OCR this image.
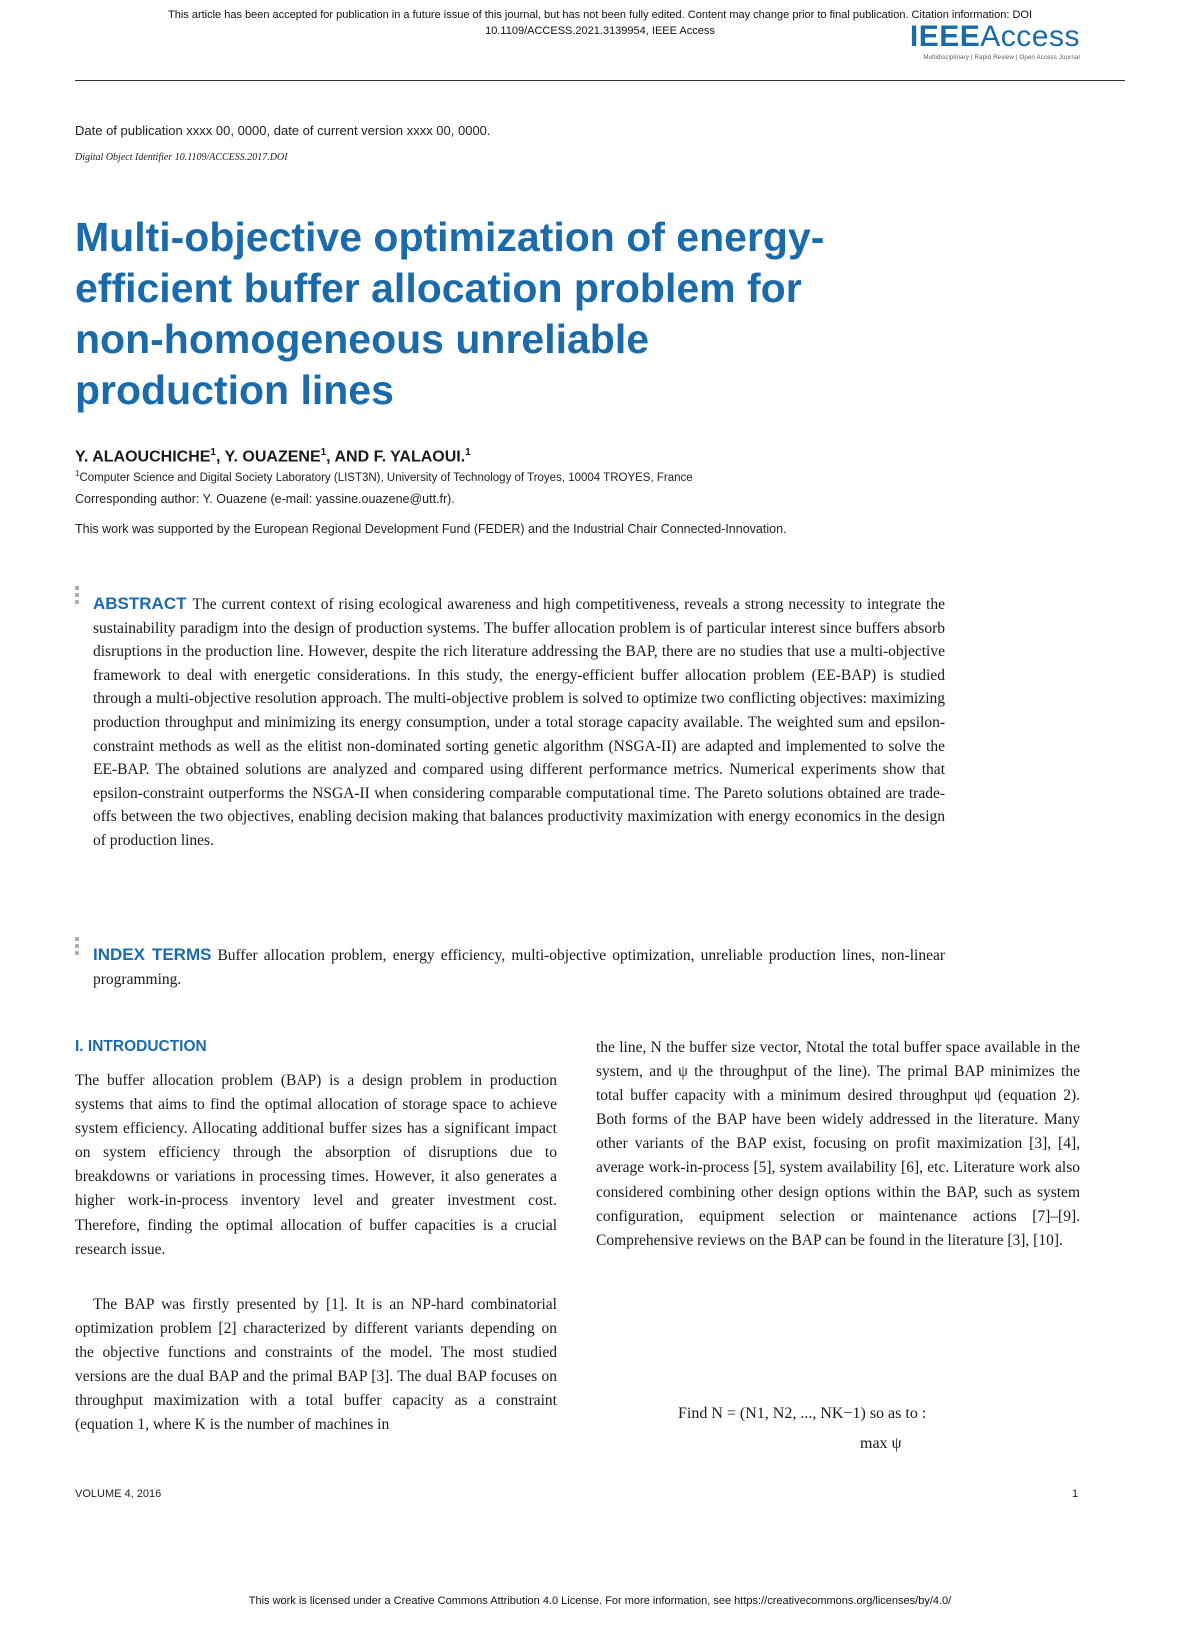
This article has been accepted for publication in a future issue of this journal, but has not been fully edited. Content may change prior to final publication. Citation information: DOI
10.1109/ACCESS.2021.3139954, IEEE Access	IEEEAccess
Multidisciplinary | Rapid Review | Open Access Journal
Date of publication xxxx 00, 0000, date of current version xxxx 00, 0000.
Digital Object Identifier 10.1109/ACCESS.2017.DOI
Multi-objective optimization of energy-efficient buffer allocation problem for non-homogeneous unreliable production lines
Y. ALAOUCHICHE$^1$, Y. OUAZENE$^1$, AND F. YALAOUI.$^1$
$^1$Computer Science and Digital Society Laboratory (LIST3N), University of Technology of Troyes, 10004 TROYES, France
Corresponding author: Y. Ouazene (e-mail: yassine.ouazene@utt.fr).
This work was supported by the European Regional Development Fund (FEDER) and the Industrial Chair Connected-Innovation.
ABSTRACT The current context of rising ecological awareness and high competitiveness, reveals a strong necessity to integrate the sustainability paradigm into the design of production systems. The buffer allocation problem is of particular interest since buffers absorb disruptions in the production line. However, despite the rich literature addressing the BAP, there are no studies that use a multi-objective framework to deal with energetic considerations. In this study, the energy-efficient buffer allocation problem (EE-BAP) is studied through a multi-objective resolution approach. The multi-objective problem is solved to optimize two conflicting objectives: maximizing production throughput and minimizing its energy consumption, under a total storage capacity available. The weighted sum and epsilon-constraint methods as well as the elitist non-dominated sorting genetic algorithm (NSGA-II) are adapted and implemented to solve the EE-BAP. The obtained solutions are analyzed and compared using different performance metrics. Numerical experiments show that epsilon-constraint outperforms the NSGA-II when considering comparable computational time. The Pareto solutions obtained are trade-offs between the two objectives, enabling decision making that balances productivity maximization with energy economics in the design of production lines.
INDEX TERMS Buffer allocation problem, energy efficiency, multi-objective optimization, unreliable production lines, non-linear programming.
I. INTRODUCTION

The buffer allocation problem (BAP) is a design problem in production systems that aims to find the optimal allocation of storage space to achieve system efficiency. Allocating additional buffer sizes has a significant impact on system efficiency through the absorption of disruptions due to breakdowns or variations in processing times. However, it also generates a higher work-in-process inventory level and greater investment cost. Therefore, finding the optimal allocation of buffer capacities is a crucial research issue.

The BAP was firstly presented by [1]. It is an NP-hard combinatorial optimization problem [2] characterized by different variants depending on the objective functions and constraints of the model. The most studied versions are the dual BAP and the primal BAP [3]. The dual BAP focuses on throughput maximization with a total buffer capacity as a constraint (equation 1, where K is the number of machines in

the line, N the buffer size vector, Ntotal the total buffer space available in the system, and ψ the throughput of the line). The primal BAP minimizes the total buffer capacity with a minimum desired throughput ψd (equation 2). Both forms of the BAP have been widely addressed in the literature. Many other variants of the BAP exist, focusing on profit maximization [3], [4], average work-in-process [5], system availability [6], etc. Literature work also considered combining other design options within the BAP, such as system configuration, equipment selection or maintenance actions [7]–[9]. Comprehensive reviews on the BAP can be found in the literature [3], [10].

Find N = (N1, N2, ..., NK−1) so as to :
max ψ
VOLUME 4, 2016	1
This work is licensed under a Creative Commons Attribution 4.0 License. For more information, see https://creativecommons.org/licenses/by/4.0/
